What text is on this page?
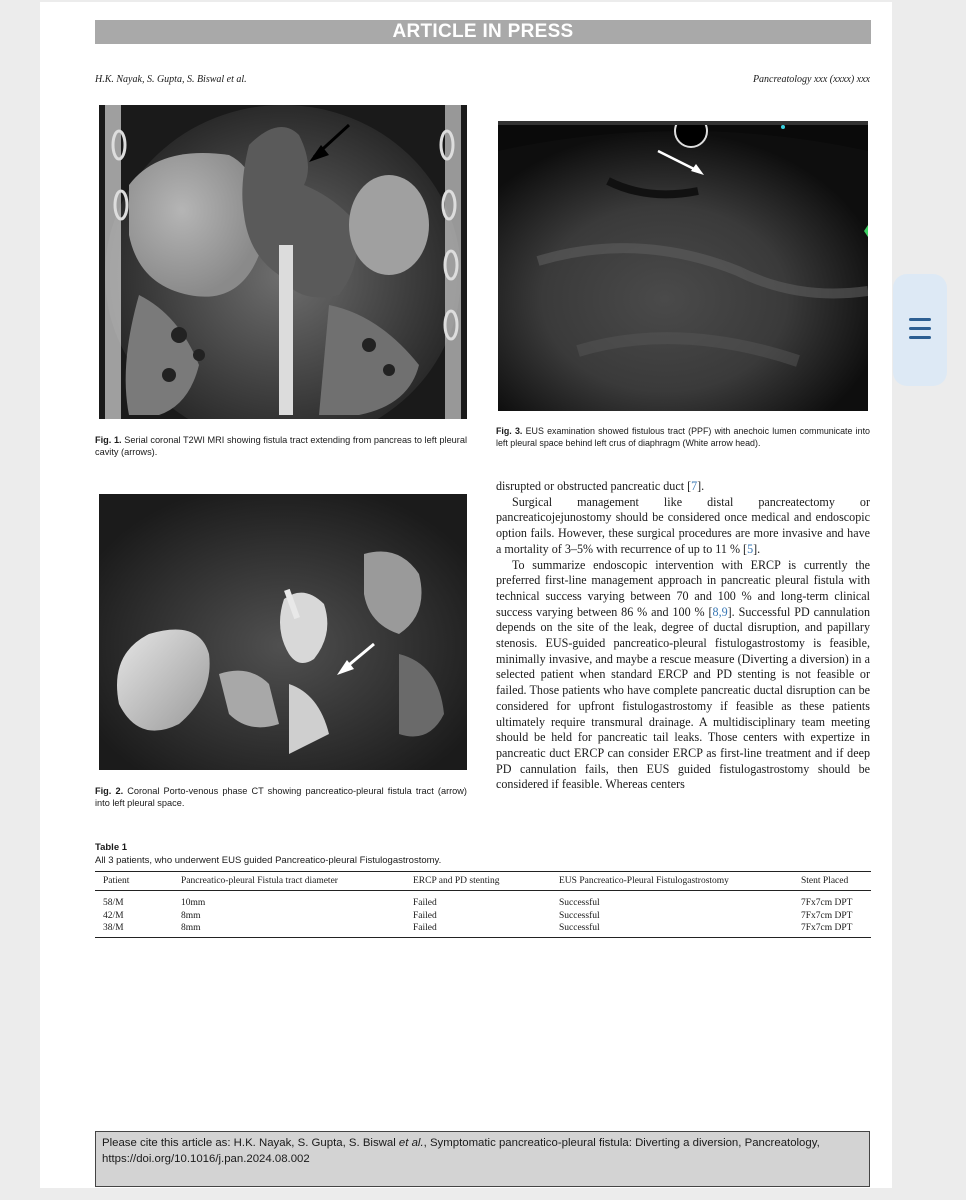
ARTICLE IN PRESS
H.K. Nayak, S. Gupta, S. Biswal et al.	Pancreatology xxx (xxxx) xxx
Fig. 1. Serial coronal T2WI MRI showing fistula tract extending from pancreas to left pleural cavity (arrows).
Fig. 3. EUS examination showed fistulous tract (PPF) with anechoic lumen communicate into left pleural space behind left crus of diaphragm (White arrow head).
Fig. 2. Coronal Porto-venous phase CT showing pancreatico-pleural fistula tract (arrow) into left pleural space.

disrupted or obstructed pancreatic duct [7].

Surgical management like distal pancreatectomy or pancreaticojejunostomy should be considered once medical and endoscopic option fails. However, these surgical procedures are more invasive and have a mortality of 3–5% with recurrence of up to 11 % [5].

To summarize endoscopic intervention with ERCP is currently the preferred first-line management approach in pancreatic pleural fistula with technical success varying between 70 and 100 % and long-term clinical success varying between 86 % and 100 % [8,9]. Successful PD cannulation depends on the site of the leak, degree of ductal disruption, and papillary stenosis. EUS-guided pancreatico-pleural fistulogastrostomy is feasible, minimally invasive, and maybe a rescue measure (Diverting a diversion) in a selected patient when standard ERCP and PD stenting is not feasible or failed. Those patients who have complete pancreatic ductal disruption can be considered for upfront fistulogastrostomy if feasible as these patients ultimately require transmural drainage. A multidisciplinary team meeting should be held for pancreatic tail leaks. Those centers with expertize in pancreatic duct ERCP can consider ERCP as first-line treatment and if deep PD cannulation fails, then EUS guided fistulogastrostomy should be considered if feasible. Whereas centers

Table 1
All 3 patients, who underwent EUS guided Pancreatico-pleural Fistulogastrostomy.
Patient	Pancreatico-pleural Fistula tract diameter	ERCP and PD stenting	EUS Pancreatico-Pleural Fistulogastrostomy	Stent Placed
58/M	10mm	Failed	Successful	7Fx7cm DPT
42/M	8mm	Failed	Successful	7Fx7cm DPT
38/M	8mm	Failed	Successful	7Fx7cm DPT
Please cite this article as: H.K. Nayak, S. Gupta, S. Biswal et al., Symptomatic pancreatico-pleural fistula: Diverting a diversion, Pancreatology,
https://doi.org/10.1016/j.pan.2024.08.002
